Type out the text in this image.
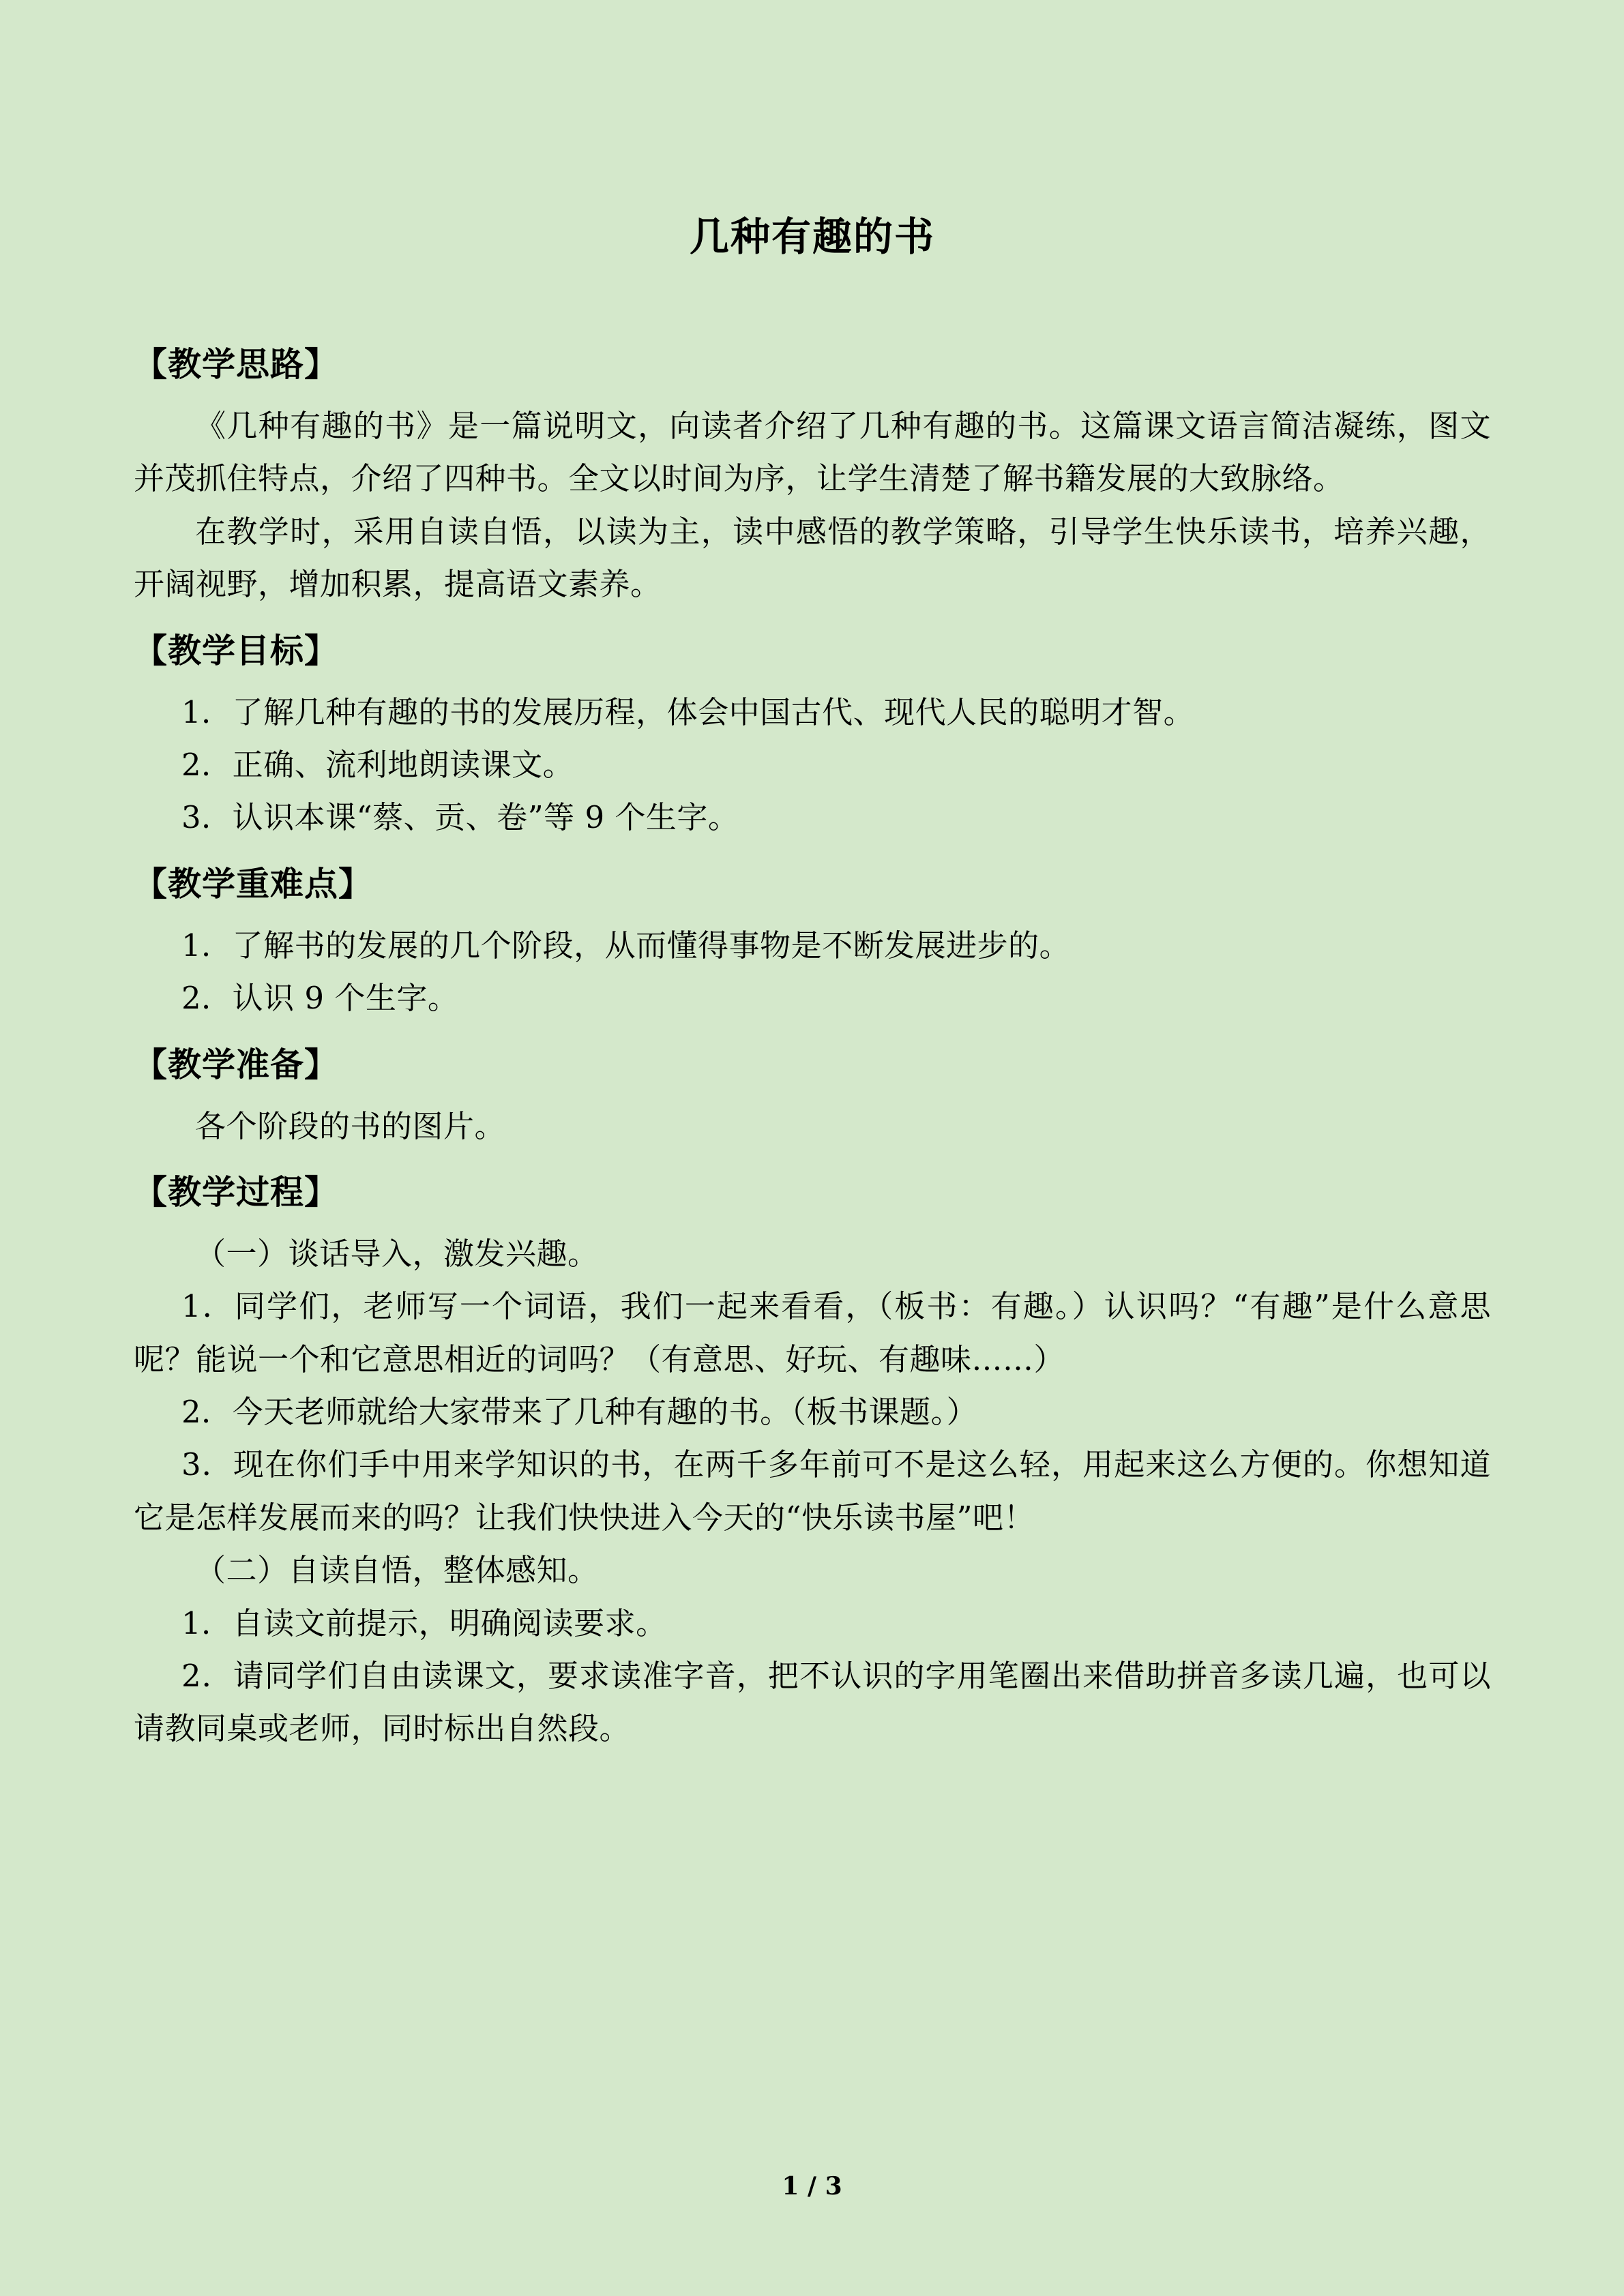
几种有趣的书
【教学思路】

《几种有趣的书》是一篇说明文，向读者介绍了几种有趣的书。这篇课文语言简洁凝练，图文并茂抓住特点，介绍了四种书。全文以时间为序，让学生清楚了解书籍发展的大致脉络。

在教学时，采用自读自悟，以读为主，读中感悟的教学策略，引导学生快乐读书，培养兴趣，开阔视野，增加积累，提高语文素养。

【教学目标】

1．了解几种有趣的书的发展历程，体会中国古代、现代人民的聪明才智。

2．正确、流利地朗读课文。

3．认识本课“蔡、贡、卷”等 9 个生字。

【教学重难点】

1．了解书的发展的几个阶段，从而懂得事物是不断发展进步的。

2．认识 9 个生字。

【教学准备】

各个阶段的书的图片。

【教学过程】

（一）谈话导入，激发兴趣。

1．同学们，老师写一个词语，我们一起来看看，（板书：有趣。）认识吗？“有趣”是什么意思呢？能说一个和它意思相近的词吗？（有意思、好玩、有趣味……）

2．今天老师就给大家带来了几种有趣的书。（板书课题。）

3．现在你们手中用来学知识的书，在两千多年前可不是这么轻，用起来这么方便的。你想知道它是怎样发展而来的吗？让我们快快进入今天的“快乐读书屋”吧！

（二）自读自悟，整体感知。

1．自读文前提示，明确阅读要求。

2．请同学们自由读课文，要求读准字音，把不认识的字用笔圈出来借助拼音多读几遍，也可以请教同桌或老师，同时标出自然段。

1 / 3
